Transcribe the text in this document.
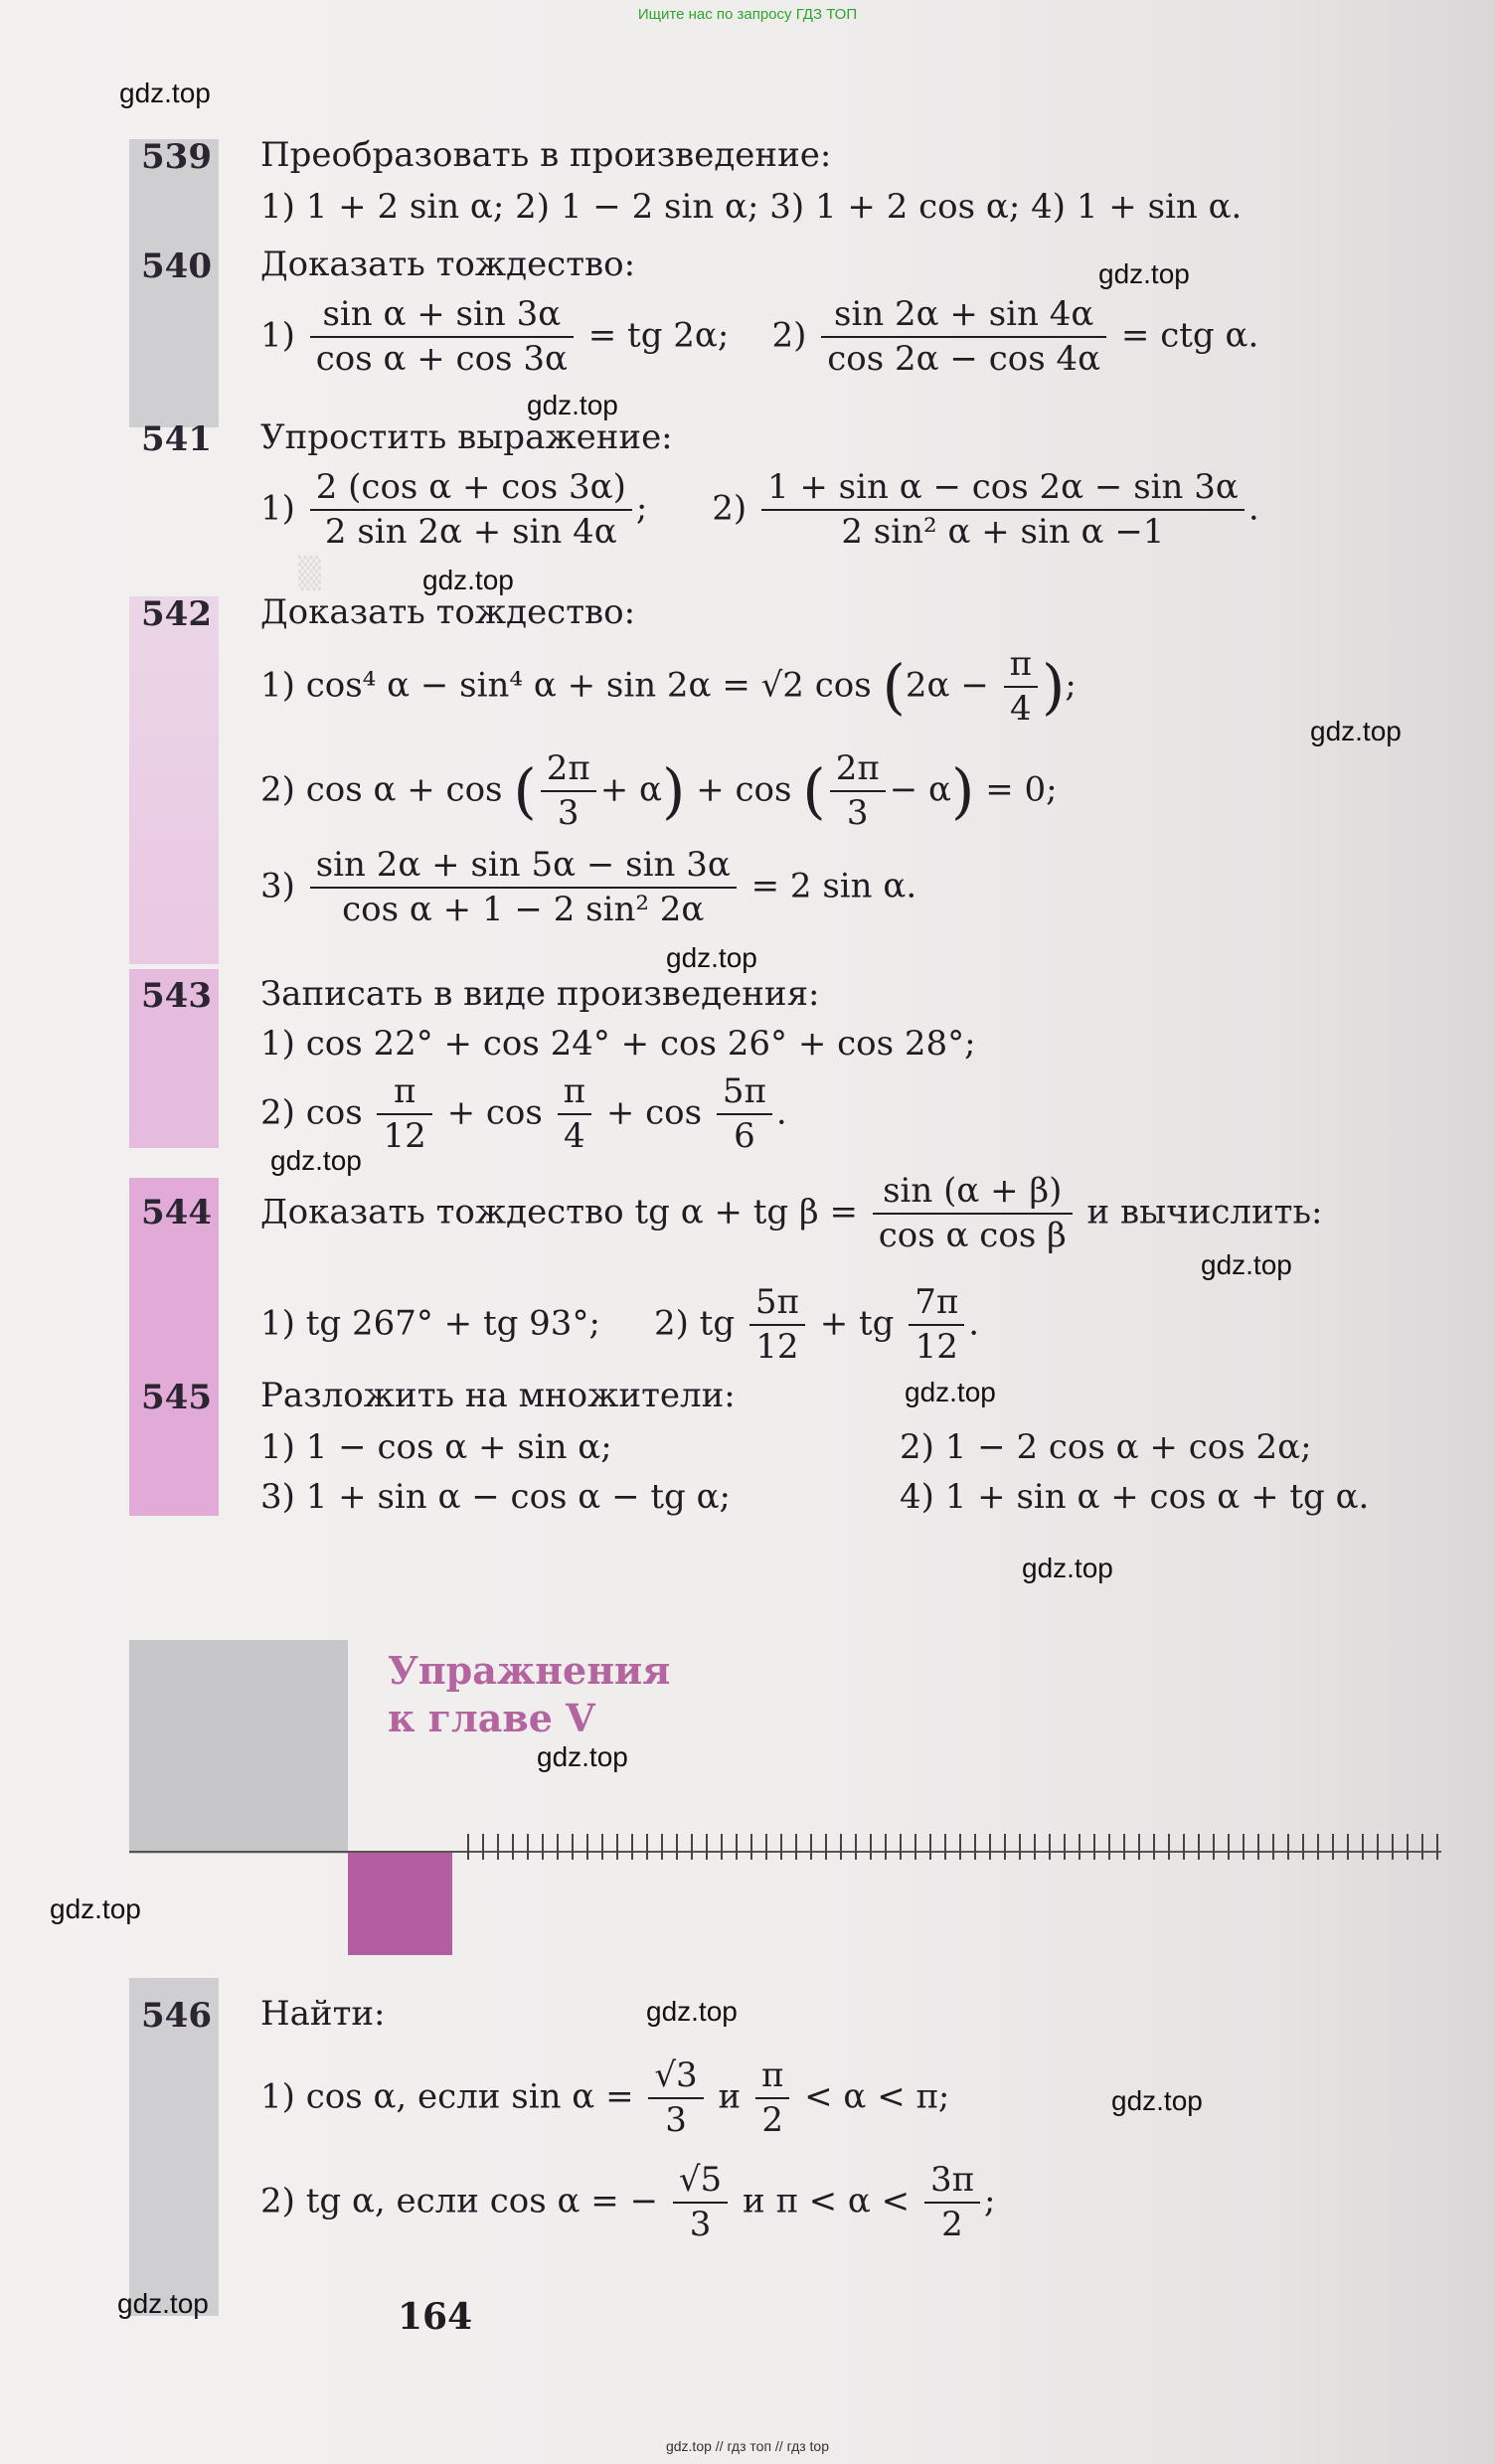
Ищите нас по запросу ГДЗ ТОП
▒
gdz.top
gdz.top
gdz.top
gdz.top
gdz.top
gdz.top
gdz.top
gdz.top
gdz.top
gdz.top
gdz.top
gdz.top
gdz.top
gdz.top
gdz.top
539 Преобразовать в произведение:
1) 1 + 2 sin α; 2) 1 − 2 sin α; 3) 1 + 2 cos α; 4) 1 + sin α.
540 Доказать тождество:
$1) \frac{\text{sin α + sin 3α}}{\text{cos α + cos 3α}}$ = tg 2α; $2) \frac{\sin 2\alpha + \sin 4\alpha}{\cos 2\alpha - \cos 4\alpha}$ = ctg α.
541 Упростить выражение:
$1) \frac{\text{2 (cos α + cos 3α)}}{2 \sin 2\alpha + \sin 4\alpha}$ ; $2) \frac{\text{1 + sin α − cos 2α − sin 3α}}{\text{2 sin² α + sin α −1}}$ .
542 Доказать тождество:
1) cos⁴ α − sin⁴ α + sin 2α = √2 $\cos (2\alpha - \frac{\pi}{4}$ );
2) cos α + cos ( $\frac{2\pi}{3} + \alpha) + \cos$ ( $\frac{2\pi}{3} - \alpha) = 0$;
$3) \frac{\sin 2\alpha + \sin 5\alpha - \sin 3\alpha}{\text{cos α + 1 − 2 sin² 2α}} = 2$ sin α.
543 Записать в виде произведения:
1) cos 22° + cos 24° + cos 26° + cos 28°;
2) $\cos \frac{\pi}{12} + \cos \frac{\pi}{4} + \cos \frac{5\pi}{6}$ .
544 Доказать тождество tg α + tg $\beta = \frac{\sin (\alpha + \beta)}{\text{cos α cos β}}$ и вычислить:
1) tg 267° + tg 93°; 2) tg $\frac{5\pi}{12}$ + tg $\frac{7\pi}{12}$ .
545 Разложить на множители:
1) 1 − cos α + sin α;	2) 1 − 2 cos α + cos 2α;
3) 1 + sin α − cos α − tg α;	4) 1 + sin α + cos α + tg α.
Упражнения
к главе V
546 Найти:
1) cos α, если $\sin \alpha = \frac{√3}{3}$ и $\frac{\pi}{2} < \alpha < \pi$;
2) tg α, если cos α = − $\frac{√5}{3}$ и $\pi < \alpha < \frac{3\pi}{2}$ ;
164
gdz.top // гдз топ // гдз top
